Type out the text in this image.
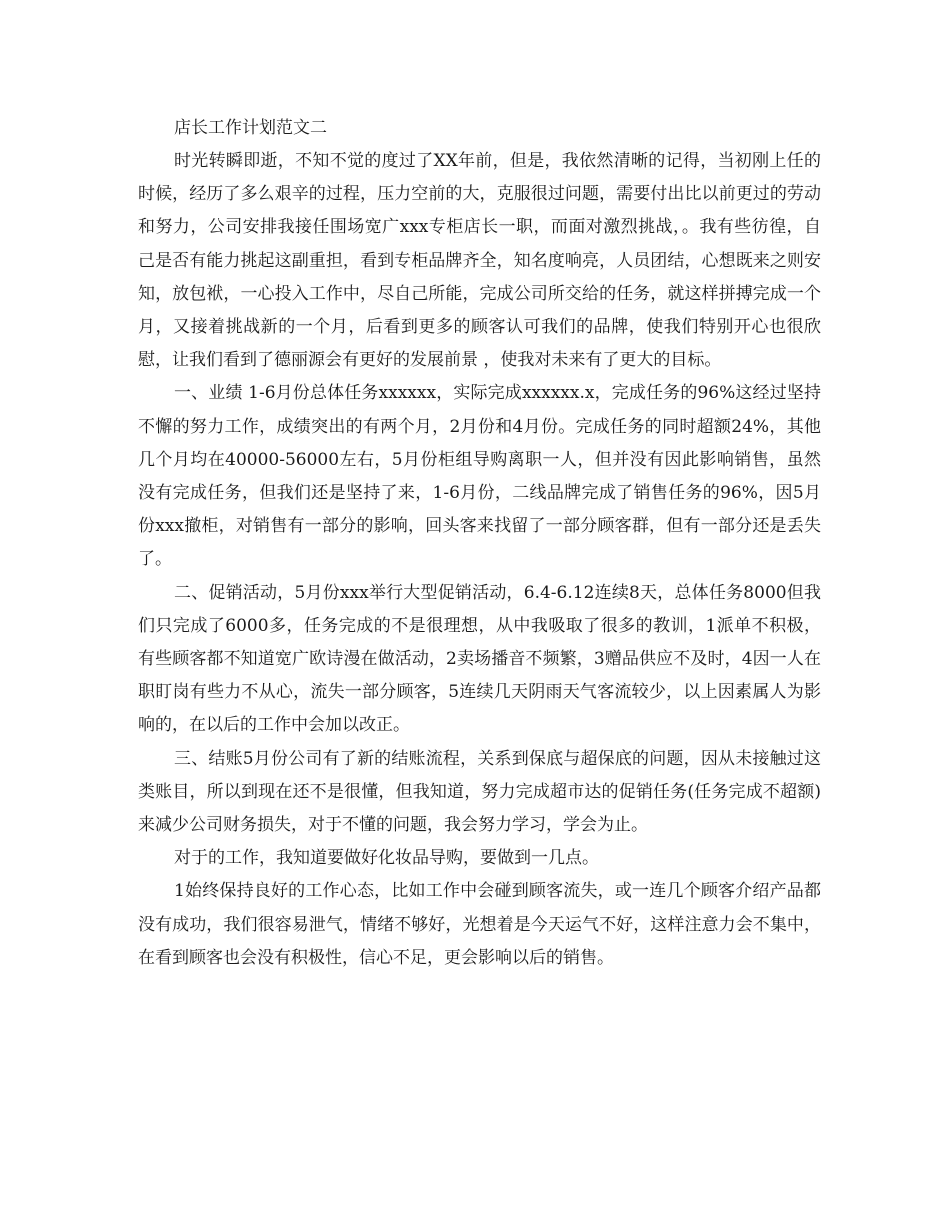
店长工作计划范文二

时光转瞬即逝，不知不觉的度过了XX年前，但是，我依然清晰的记得，当初刚上任的时候，经历了多么艰辛的过程，压力空前的大，克服很过问题，需要付出比以前更过的劳动和努力，公司安排我接任围场宽广xxx专柜店长一职，而面对激烈挑战，。我有些彷徨，自己是否有能力挑起这副重担，看到专柜品牌齐全，知名度响亮，人员团结，心想既来之则安知，放包袱，一心投入工作中，尽自己所能，完成公司所交给的任务，就这样拼搏完成一个月，又接着挑战新的一个月，后看到更多的顾客认可我们的品牌，使我们特别开心也很欣慰，让我们看到了德丽源会有更好的发展前景 ，使我对未来有了更大的目标。

一、业绩 1-6月份总体任务xxxxxx，实际完成xxxxxx.x，完成任务的96%这经过坚持不懈的努力工作，成绩突出的有两个月，2月份和4月份。完成任务的同时超额24%，其他几个月均在40000-56000左右，5月份柜组导购离职一人，但并没有因此影响销售，虽然没有完成任务，但我们还是坚持了来，1-6月份，二线品牌完成了销售任务的96%，因5月份xxx撤柜，对销售有一部分的影响，回头客来找留了一部分顾客群，但有一部分还是丢失了。

二、促销活动，5月份xxx举行大型促销活动，6.4-6.12连续8天，总体任务8000但我们只完成了6000多，任务完成的不是很理想，从中我吸取了很多的教训，1派单不积极，有些顾客都不知道宽广欧诗漫在做活动，2卖场播音不频繁，3赠品供应不及时，4因一人在职盯岗有些力不从心，流失一部分顾客，5连续几天阴雨天气客流较少，以上因素属人为影响的，在以后的工作中会加以改正。

三、结账5月份公司有了新的结账流程，关系到保底与超保底的问题，因从未接触过这类账目，所以到现在还不是很懂，但我知道，努力完成超市达的促销任务(任务完成不超额)来减少公司财务损失，对于不懂的问题，我会努力学习，学会为止。

对于的工作，我知道要做好化妆品导购，要做到一几点。

1始终保持良好的工作心态，比如工作中会碰到顾客流失，或一连几个顾客介绍产品都没有成功，我们很容易泄气，情绪不够好，光想着是今天运气不好，这样注意力会不集中，在看到顾客也会没有积极性，信心不足，更会影响以后的销售。
